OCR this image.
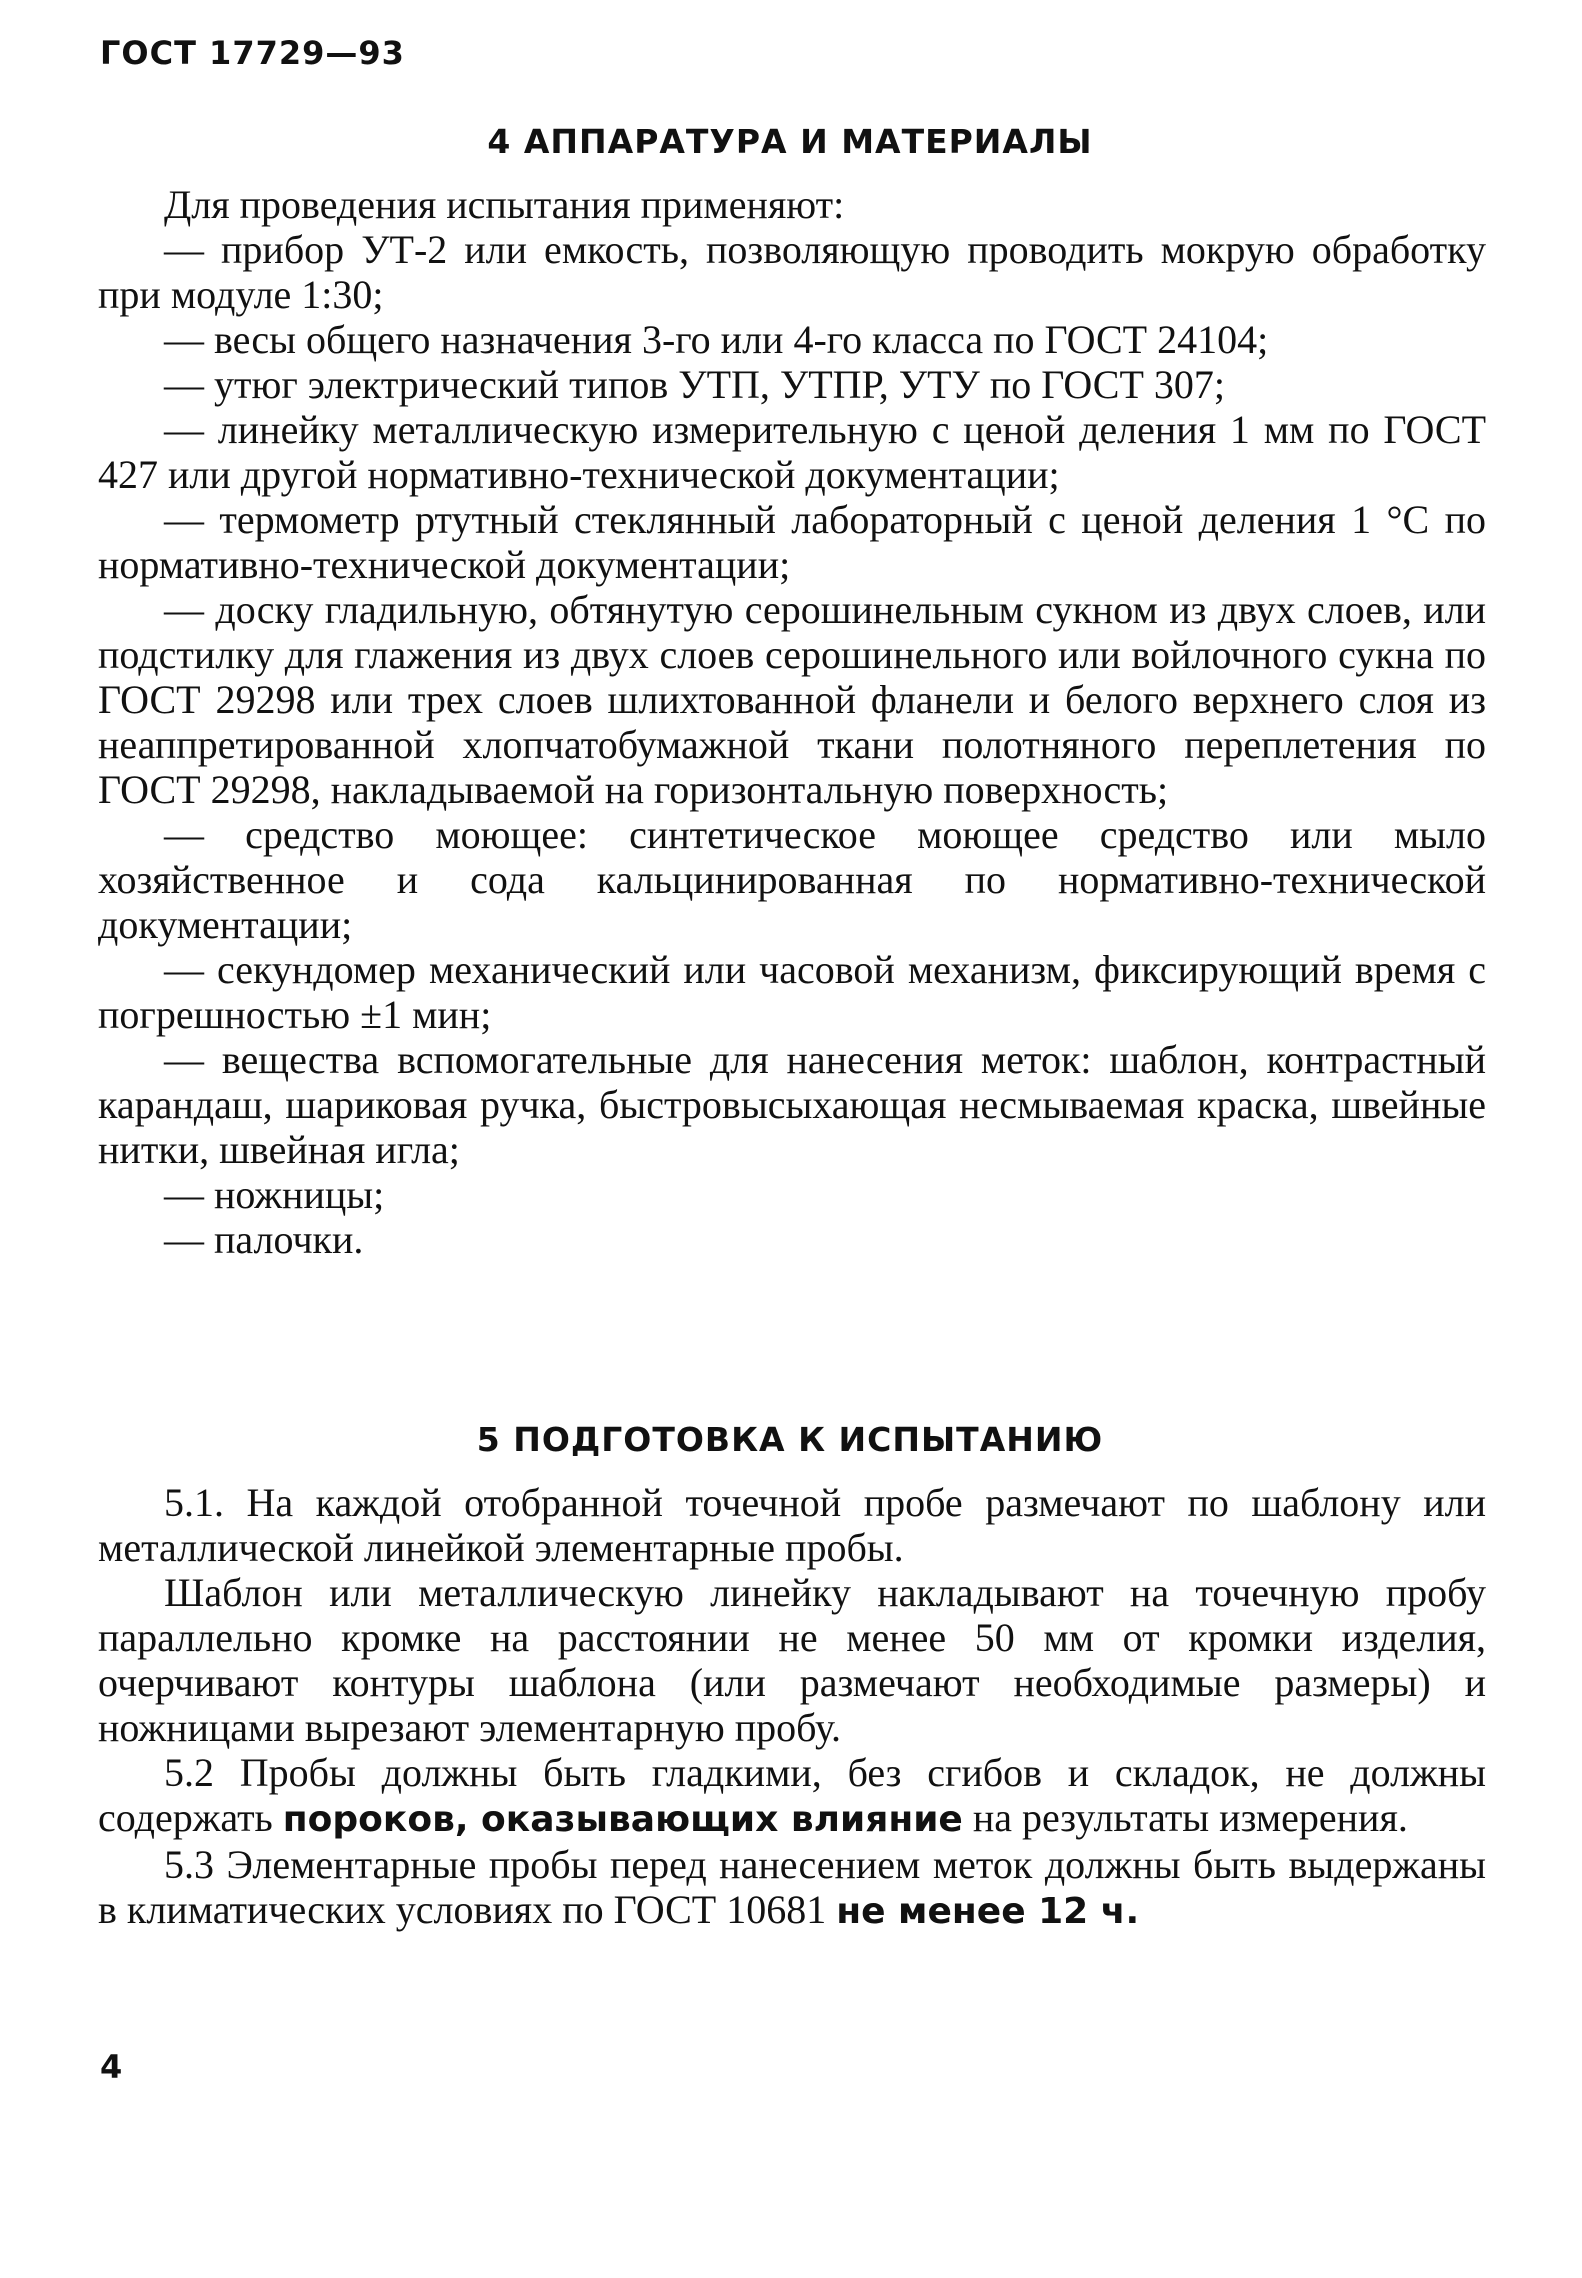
ГОСТ 17729—93
4 АППАРАТУРА И МАТЕРИАЛЫ

Для проведения испытания применяют:

— прибор УТ-2 или емкость, позволяющую проводить мокрую обработку при модуле 1:30;

— весы общего назначения 3-го или 4-го класса по ГОСТ 24104;

— утюг электрический типов УТП, УТПР, УТУ по ГОСТ 307;

— линейку металлическую измерительную с ценой деления 1 мм по ГОСТ 427 или другой нормативно-технической документации;

— термометр ртутный стеклянный лабораторный с ценой деления 1 °С по нормативно-технической документации;

— доску гладильную, обтянутую серошинельным сукном из двух слоев, или подстилку для глажения из двух слоев серошинельного или войлочного сукна по ГОСТ 29298 или трех слоев шлихтованной фланели и белого верхнего слоя из неаппретированной хлопчатобумажной ткани полотняного переплетения по ГОСТ 29298, накладываемой на горизонтальную поверхность;

— средство моющее: синтетическое моющее средство или мыло хозяйственное и сода кальцинированная по нормативно-технической документации;

— секундомер механический или часовой механизм, фиксирующий время с погрешностью ±1 мин;

— вещества вспомогательные для нанесения меток: шаблон, контрастный карандаш, шариковая ручка, быстровысыхающая несмываемая краска, швейные нитки, швейная игла;

— ножницы;

— палочки.

5 ПОДГОТОВКА К ИСПЫТАНИЮ

5.1. На каждой отобранной точечной пробе размечают по шаблону или металлической линейкой элементарные пробы.

Шаблон или металлическую линейку накладывают на точечную пробу параллельно кромке на расстоянии не менее 50 мм от кромки изделия, очерчивают контуры шаблона (или размечают необходимые размеры) и ножницами вырезают элементарную пробу.

5.2 Пробы должны быть гладкими, без сгибов и складок, не должны содержать пороков, оказывающих влияние на результаты измерения.

5.3 Элементарные пробы перед нанесением меток должны быть выдержаны в климатических условиях по ГОСТ 10681 не менее 12 ч.

4
